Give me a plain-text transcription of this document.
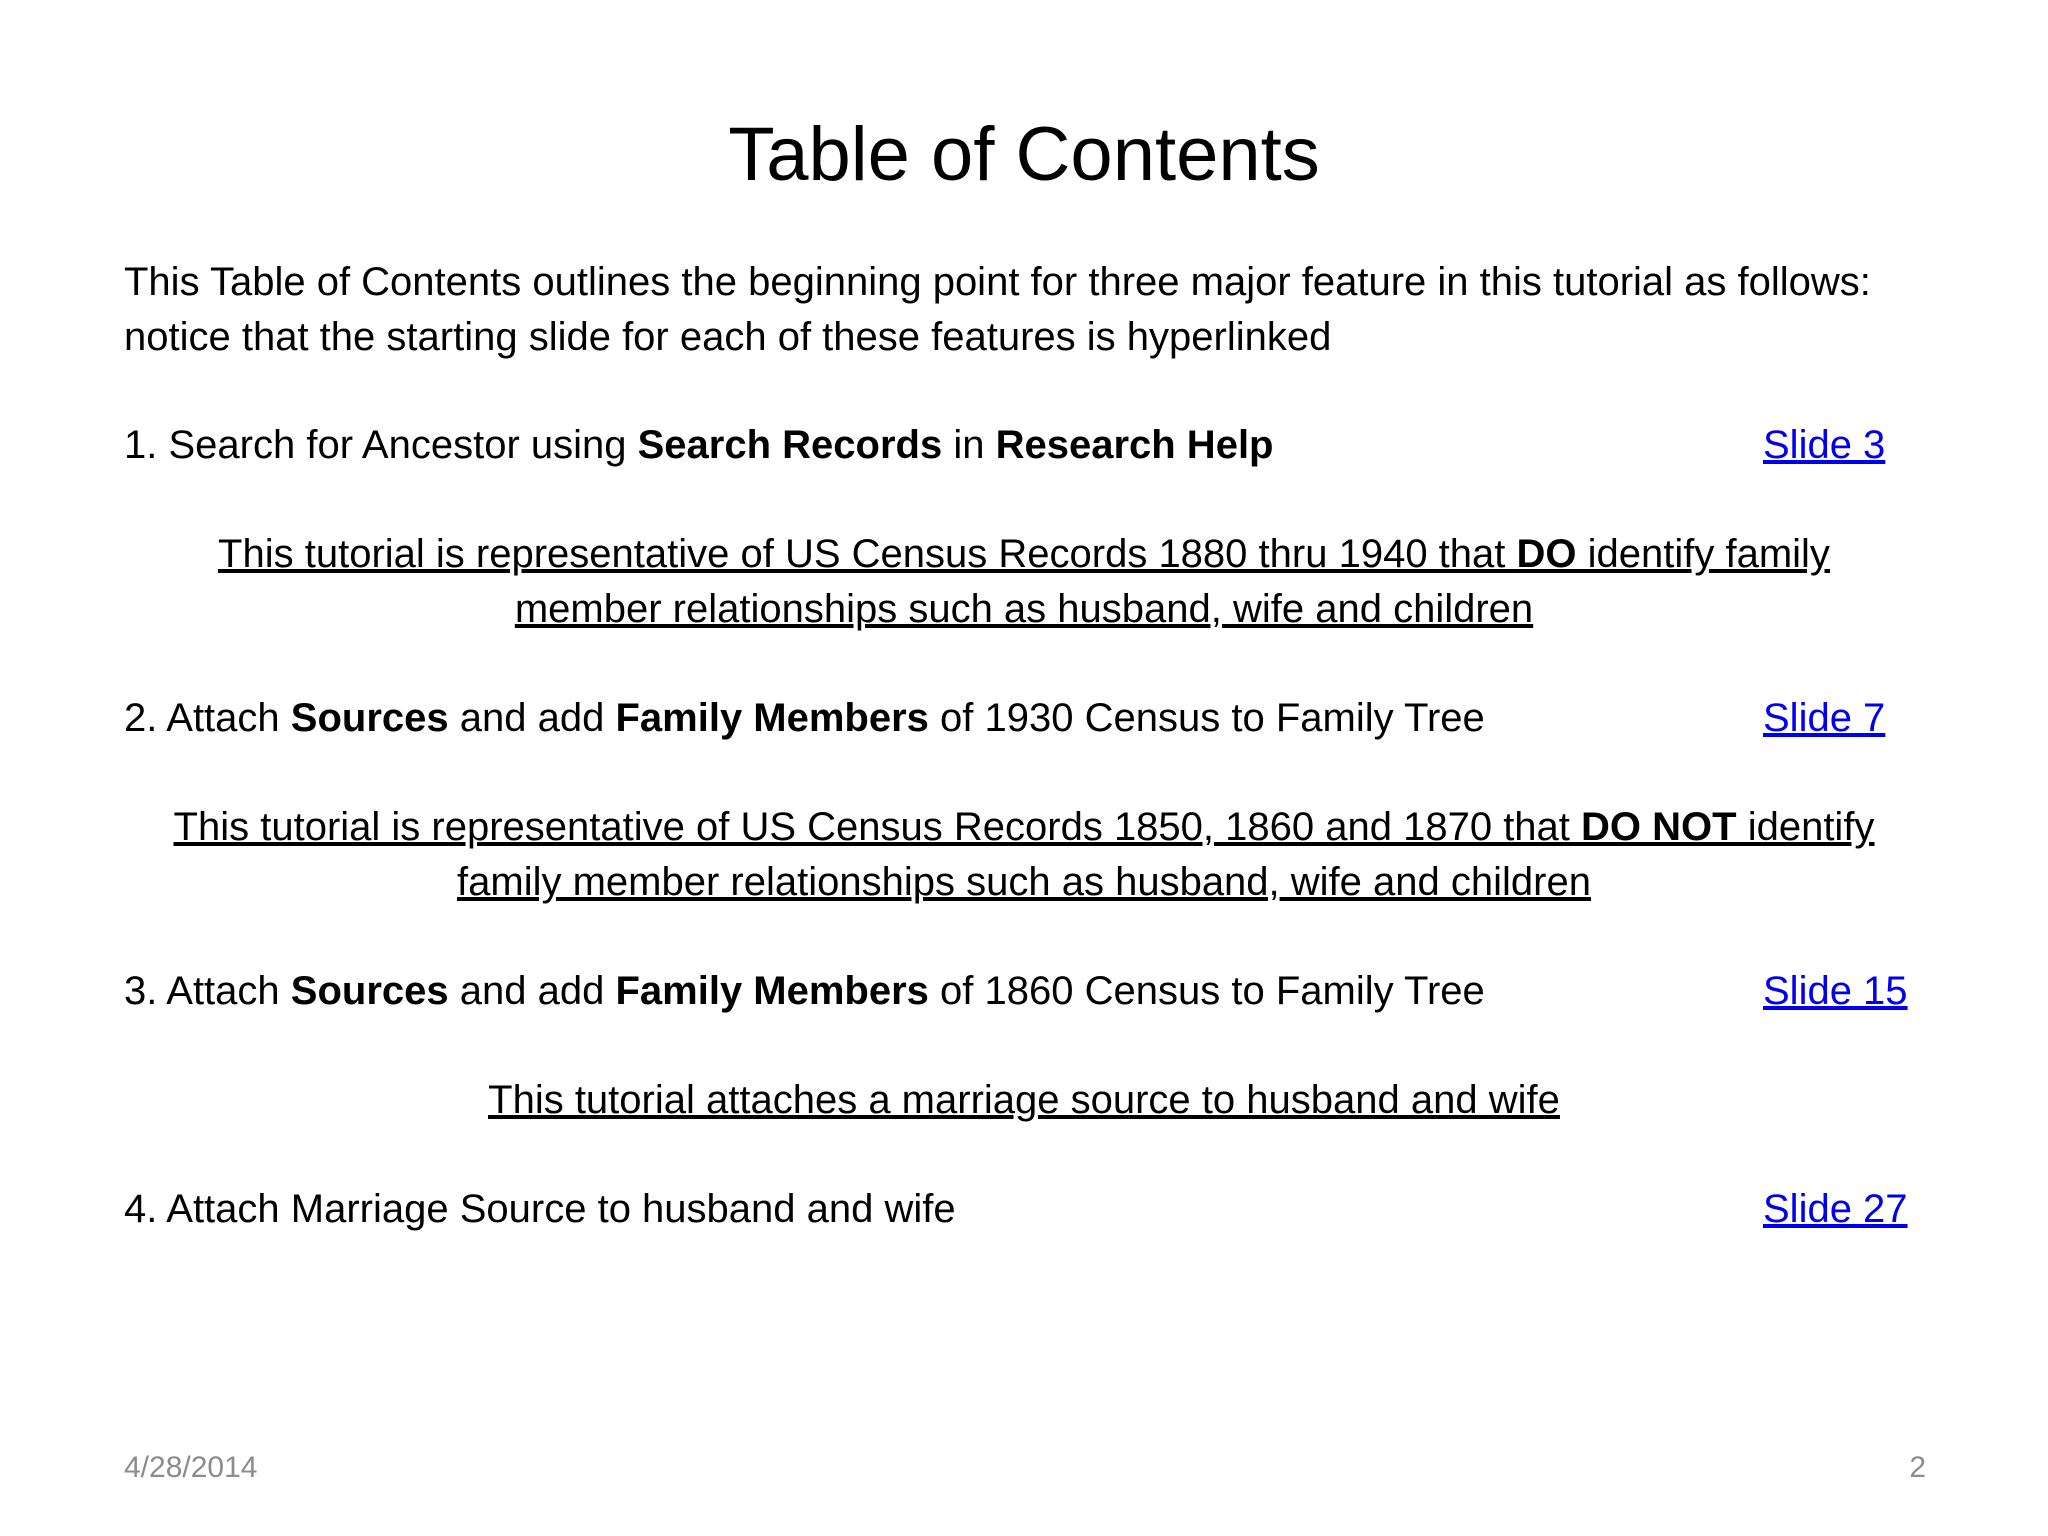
Table of Contents
This Table of Contents outlines the beginning point for three major feature in this tutorial as follows: notice that the starting slide for each of these features is hyperlinked
1. Search for Ancestor using Search Records in Research Help	Slide 3
This tutorial is representative of US Census Records 1880 thru 1940 that DO identify family
member relationships such as husband, wife and children
2. Attach Sources and add Family Members of 1930 Census to Family Tree	Slide 7
This tutorial is representative of US Census Records 1850, 1860 and 1870 that DO NOT identify
family member relationships such as husband, wife and children
3. Attach Sources and add Family Members of 1860 Census to Family Tree	Slide 15
This tutorial attaches a marriage source to husband and wife
4. Attach Marriage Source to husband and wife	Slide 27
4/28/2014	2
